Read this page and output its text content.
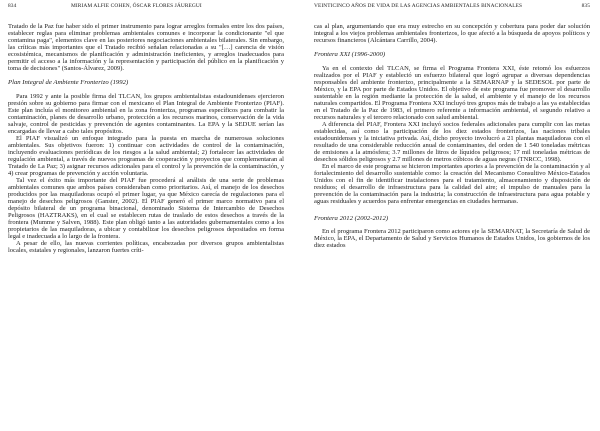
834	MIRIAM ALFIE COHEN, ÓSCAR FLORES JÁUREGUI

Tratado de la Paz fue haber sido el primer instrumento para lograr arreglos formales entre los dos países, establecer reglas para eliminar problemas ambientales comunes e incorporar la condicionante "el que contamina paga", elementos clave en las posteriores negociaciones ambientales bilaterales. Sin embargo, las críticas más importantes que el Tratado recibió señalan relacionadas a su "[…] carencia de visión ecosistémica, mecanismos de planificación y administración ineficientes, y arreglos inadecuados para permitir el acceso a la información y la representación y participación del público en la planificación y toma de decisiones" (Santos-Álvarez, 2009).

Plan Integral de Ambiente Fronterizo (1992)

Para 1992 y ante la posible firma del TLCAN, los grupos ambientalistas estadounidenses ejercieron presión sobre su gobierno para firmar con el mexicano el Plan Integral de Ambiente Fronterizo (PIAF). Este plan incluía el monitoreo ambiental en la zona fronteriza, programas específicos para combatir la contaminación, planes de desarrollo urbano, protección a los recursos marinos, conservación de la vida salvaje, control de pesticidas y prevención de agentes contaminantes. La EPA y la SEDUE serían las encargadas de llevar a cabo tales propósitos.

El PIAF visualizó un enfoque integrado para la puesta en marcha de numerosas soluciones ambientales. Sus objetivos fueron: 1) continuar con actividades de control de la contaminación, incluyendo evaluaciones periódicas de los riesgos a la salud ambiental; 2) fortalecer las actividades de regulación ambiental, a través de nuevos programas de cooperación y proyectos que complementaran al Tratado de La Paz; 3) asignar recursos adicionales para el control y la prevención de la contaminación, y 4) crear programas de prevención y acción voluntaria.

Tal vez el éxito más importante del PIAF fue procederá al análisis de una serie de problemas ambientales comunes que ambos países consideraban como prioritarios. Así, el manejo de los desechos producidos por las maquiladoras ocupó el primer lugar, ya que México carecía de regulaciones para el manejo de desechos peligrosos (Ganster, 2002). El PIAF generó el primer marco normativo para el depósito bilateral de un programa binacional, denominado Sistema de Intercambio de Desechos Peligrosos (HAZTRAKS), en el cual se establecen rutas de traslado de estos desechos a través de la frontera (Mumme y Salven, 1988). Este plan obligó tanto a las autoridades gubernamentales como a los propietarios de las maquiladoras, a ubicar y contabilizar los desechos peligrosos depositados en forma legal e inadecuada a lo largo de la frontera.

A pesar de ello, las nuevas corrientes políticas, encabezadas por diversos grupos ambientalistas locales, estatales y regionales, lanzaron fuertes críti-

VEINTICINCO AÑOS DE VIDA DE LAS AGENCIAS AMBIENTALES BINACIONALES	835

cas al plan, argumentando que era muy estrecho en su concepción y cobertura para poder dar solución integral a los viejos problemas ambientales fronterizos, lo que afectó a la búsqueda de apoyos políticos y recursos financieros (Alcántara Carrillo, 2004).

Frontera XXI (1996-2000)

Ya en el contexto del TLCAN, se firma el Programa Frontera XXI, éste retomó los esfuerzos realizados por el PIAF y estableció un esfuerzo bilateral que logró agrupar a diversas dependencias responsables del ambiente fronterizo, principalmente a la SEMARNAP y la SEDESOL por parte de México, y la EPA por parte de Estados Unidos. El objetivo de este programa fue promover el desarrollo sustentable en la región mediante la protección de la salud, el ambiente y el manejo de los recursos naturales compartidos. El Programa Frontera XXI incluyó tres grupos más de trabajo a las ya establecidas en el Tratado de la Paz de 1983, el primero referente a información ambiental, el segundo relativo a recursos naturales y el tercero relacionado con salud ambiental.

A diferencia del PIAF, Frontera XXI incluyó socios federales adicionales para cumplir con las metas establecidas, así como la participación de los diez estados fronterizos, las naciones tribales estadounidenses y la iniciativa privada. Así, dicho proyecto involucró a 21 plantas maquiladoras con el resultado de una considerable reducción anual de contaminantes, del orden de 1 540 toneladas métricas de emisiones a la atmósfera; 3.7 millones de litros de líquidos peligrosos; 17 mil toneladas métricas de desechos sólidos peligrosos y 2.7 millones de metros cúbicos de aguas negras (TNRCC, 1998).

En el marco de este programa se hicieron importantes aportes a la prevención de la contaminación y al fortalecimiento del desarrollo sustentable como: la creación del Mecanismo Consultivo México-Estados Unidos con el fin de identificar instalaciones para el tratamiento, almacenamiento y disposición de residuos; el desarrollo de infraestructura para la calidad del aire; el impulso de manuales para la prevención de la contaminación para la industria; la construcción de infraestructura para agua potable y aguas residuales y acuerdos para enfrentar emergencias en ciudades hermanas.

Frontera 2012 (2002-2012)

En el programa Frontera 2012 participaron como actores eje la SEMARNAT, la Secretaría de Salud de México, la EPA, el Departamento de Salud y Servicios Humanos de Estados Unidos, los gobiernos de los diez estados
